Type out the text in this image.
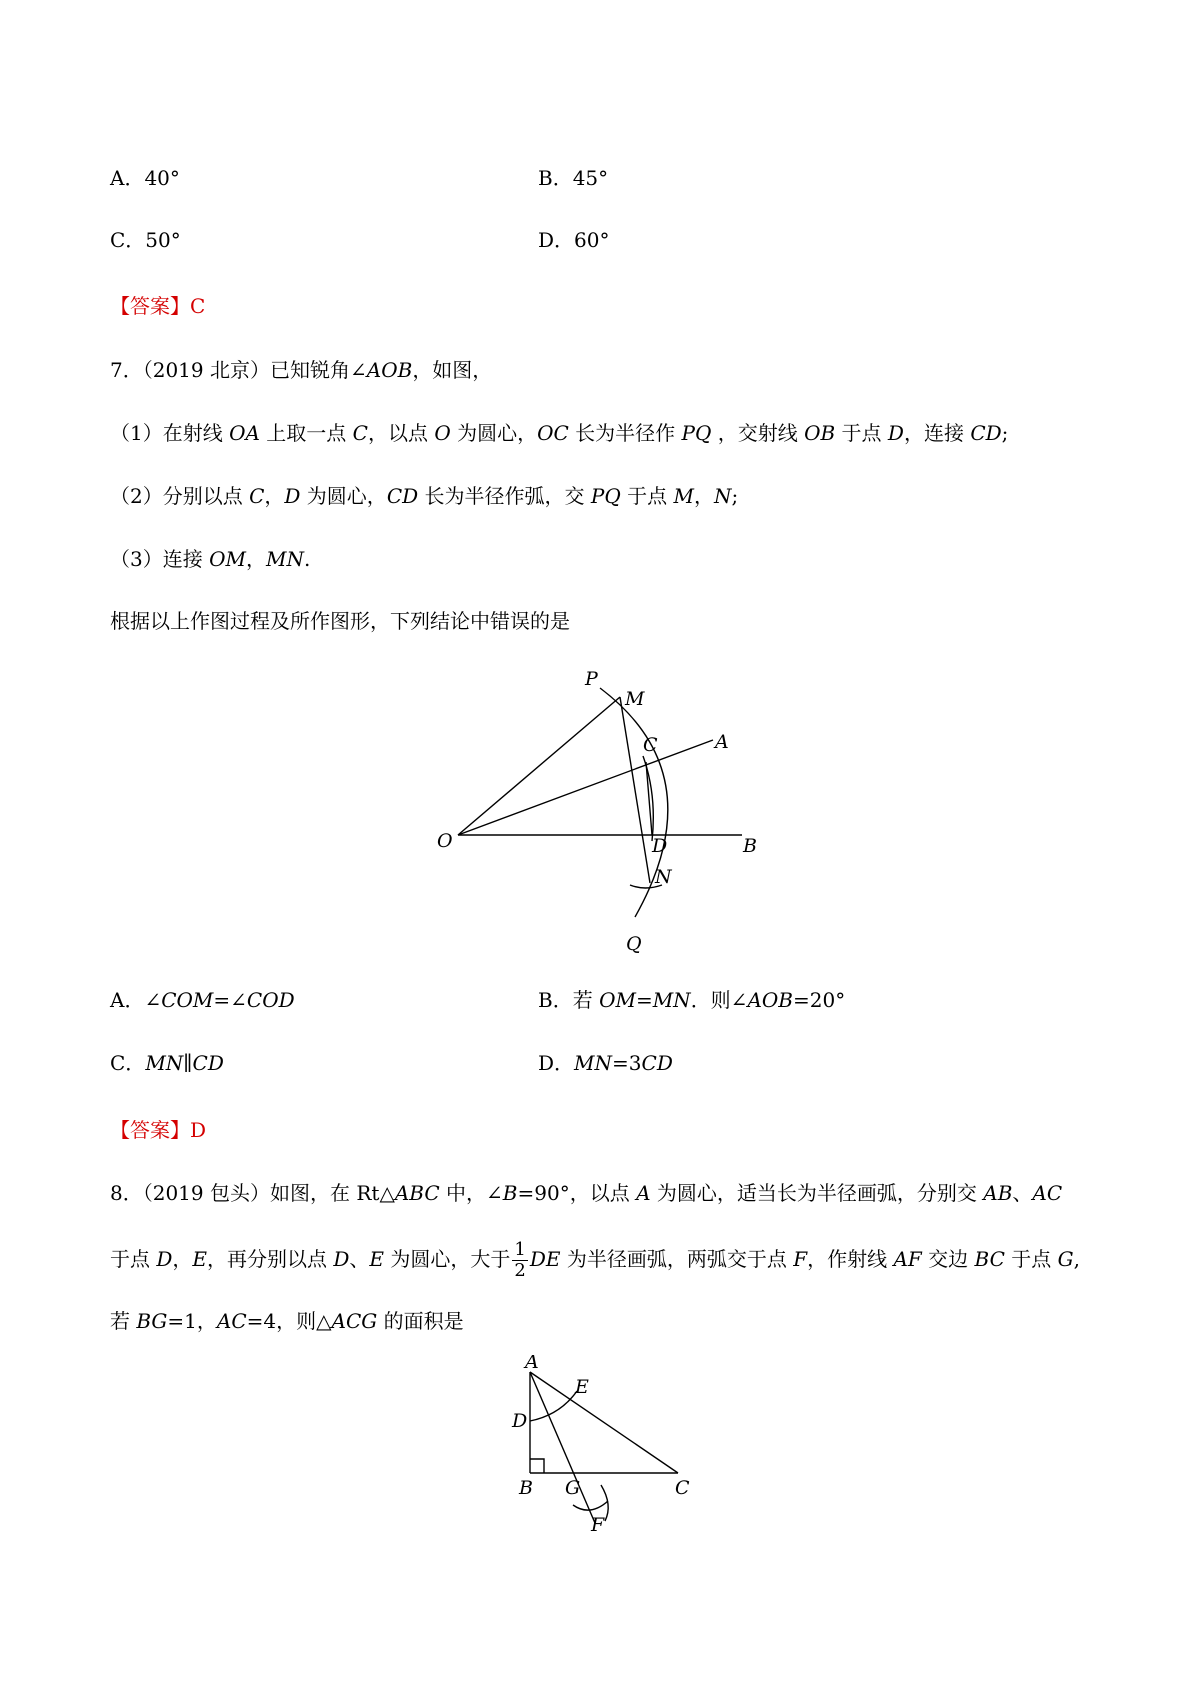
A．40°	B．45°
C．50°	D．60°
【答案】C
7．（2019 北京）已知锐角∠AOB，如图，
（1）在射线 OA 上取一点 C，以点 O 为圆心，OC 长为半径作 PQ ，交射线 OB 于点 D，连接 CD;
（2）分别以点 C，D 为圆心，CD 长为半径作弧，交 PQ 于点 M，N;
（3）连接 OM，MN.
根据以上作图过程及所作图形，下列结论中错误的是
P
M
C	A
O	D	B
N
Q
A．∠COM=∠COD	B．若 OM=MN．则∠AOB=20°
C．MN∥CD	D．MN=3CD
【答案】D
8．（2019 包头）如图，在 Rt△ABC 中，∠B=90°，以点 A 为圆心，适当长为半径画弧，分别交 AB、AC
于点 D，E，再分别以点 D、E 为圆心，大于 $\frac{1}{2}$ DE 为半径画弧，两弧交于点 F，作射线 AF 交边 BC 于点 G,
若 BG=1，AC=4，则△ACG 的面积是
A
E
D
B G	C
F
